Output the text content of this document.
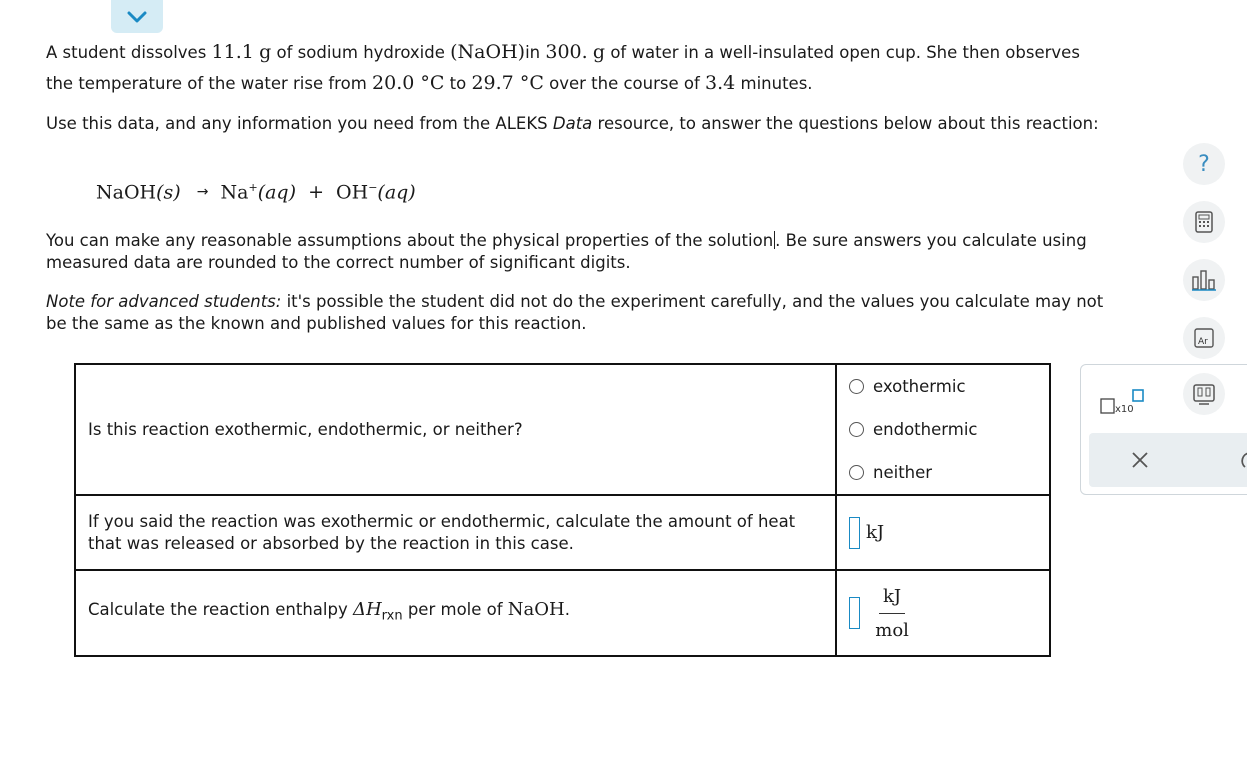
A student dissolves 11.1 g of sodium hydroxide (NaOH)in 300. g of water in a well-insulated open cup. She then observes
the temperature of the water rise from 20.0 °C to 29.7 °C over the course of 3.4 minutes.
Use this data, and any information you need from the ALEKS Data resource, to answer the questions below about this reaction:
NaOH(s) → Na+(aq) + OH−(aq)
You can make any reasonable assumptions about the physical properties of the solution . Be sure answers you calculate using measured data are rounded to the correct number of significant digits.
Note for advanced students: it's possible the student did not do the experiment carefully, and the values you calculate may not be the same as the known and published values for this reaction.
Is this reaction exothermic, endothermic, or neither?	exothermic
endothermic
neither

If you said the reaction was exothermic or endothermic, calculate the amount of heat that was released or absorbed by the reaction in this case.	kJ
Calculate the reaction enthalpy $\Delta H_{rxn}$ per mole of NaOH.	$\frac{kJ}{\text{mol}}$
x10
?
Ar
